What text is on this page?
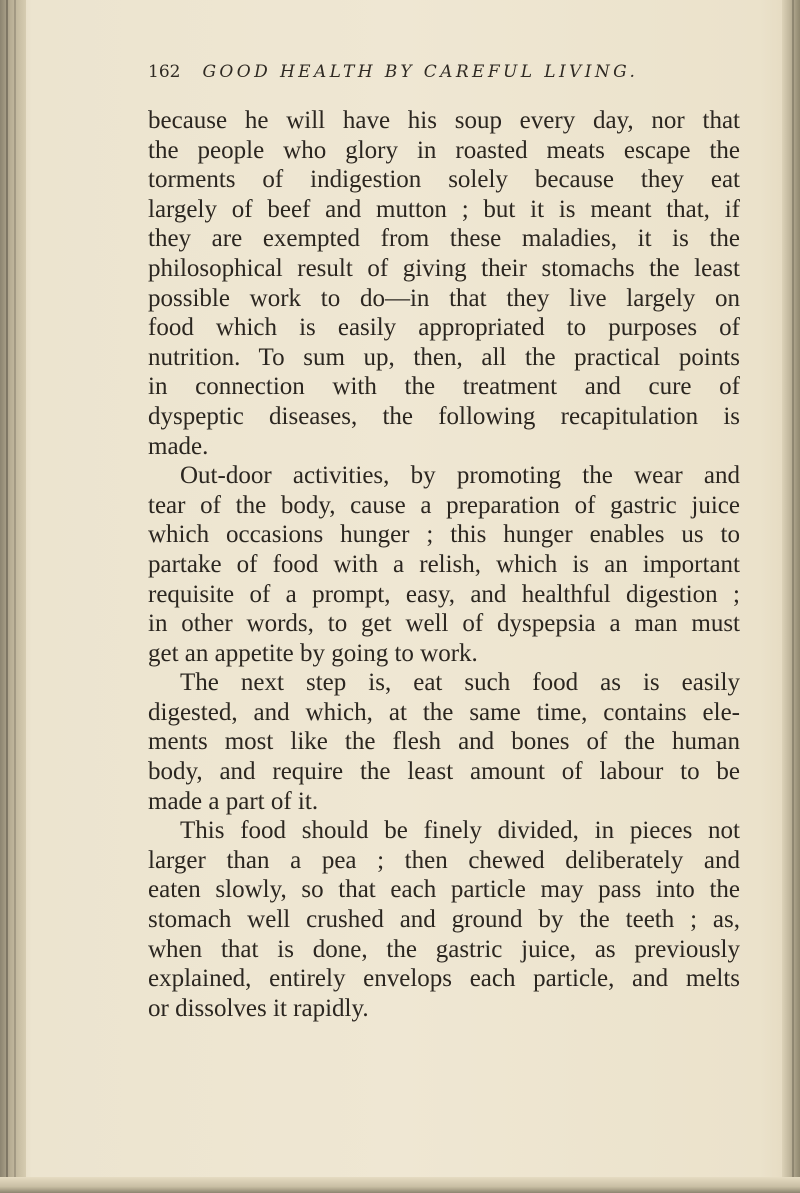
162 GOOD HEALTH BY CAREFUL LIVING.
because he will have his soup every day, nor that
the people who glory in roasted meats escape the
torments of indigestion solely because they eat
largely of beef and mutton ; but it is meant that, if
they are exempted from these maladies, it is the
philosophical result of giving their stomachs the least
possible work to do—in that they live largely on
food which is easily appropriated to purposes of
nutrition. To sum up, then, all the practical points
in connection with the treatment and cure of
dyspeptic diseases, the following recapitulation is
made.
Out-door activities, by promoting the wear and
tear of the body, cause a preparation of gastric juice
which occasions hunger ; this hunger enables us to
partake of food with a relish, which is an important
requisite of a prompt, easy, and healthful digestion ;
in other words, to get well of dyspepsia a man must
get an appetite by going to work.
The next step is, eat such food as is easily
digested, and which, at the same time, contains ele-
ments most like the flesh and bones of the human
body, and require the least amount of labour to be
made a part of it.
This food should be finely divided, in pieces not
larger than a pea ; then chewed deliberately and
eaten slowly, so that each particle may pass into the
stomach well crushed and ground by the teeth ; as,
when that is done, the gastric juice, as previously
explained, entirely envelops each particle, and melts
or dissolves it rapidly.
